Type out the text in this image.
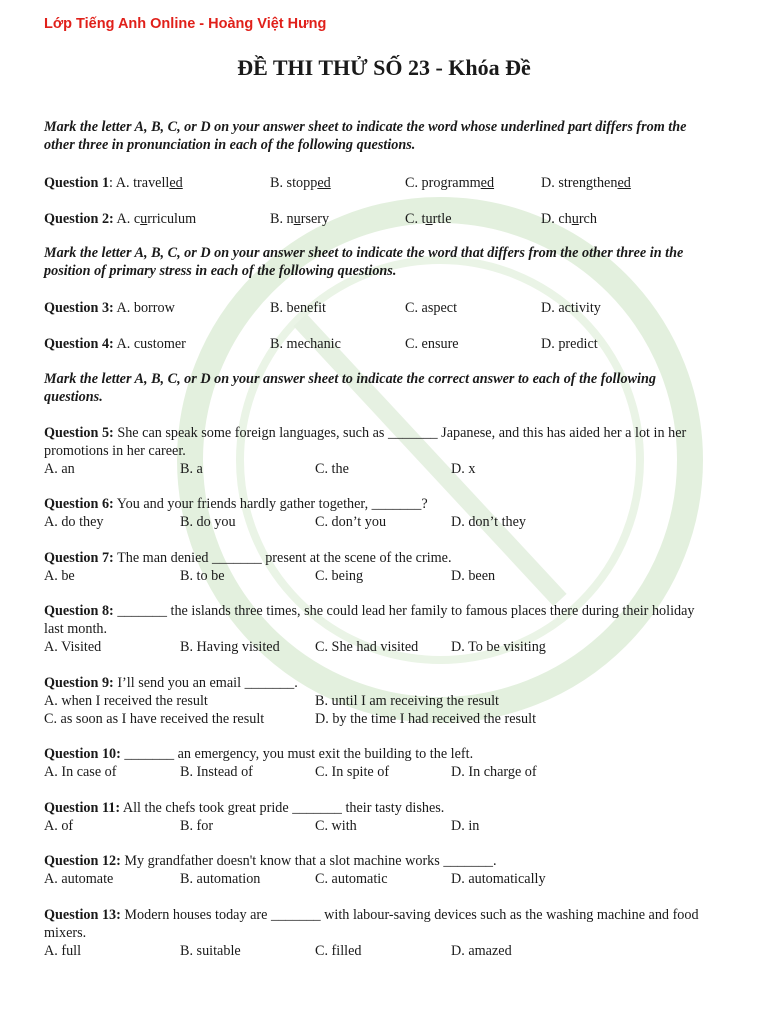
Lớp Tiếng Anh Online - Hoàng Việt Hưng
ĐỀ THI THỬ SỐ 23 - Khóa Đề

Mark the letter A, B, C, or D on your answer sheet to indicate the word whose underlined part differs from the other three in pronunciation in each of the following questions.

Question 1: A. travelled	B. stopped	C. programmed	D. strengthened
Question 2: A. curriculum	B. nursery	C. turtle	D. church

Mark the letter A, B, C, or D on your answer sheet to indicate the word that differs from the other three in the position of primary stress in each of the following questions.

Question 3: A. borrow	B. benefit	C. aspect	D. activity
Question 4: A. customer	B. mechanic	C. ensure	D. predict

Mark the letter A, B, C, or D on your answer sheet to indicate the correct answer to each of the following questions.

Question 5: She can speak some foreign languages, such as _______ Japanese, and this has aided her a lot in her promotions in her career.

A. an	B. a	C. the	D. x

Question 6: You and your friends hardly gather together, _______?

A. do they	B. do you	C. don’t you	D. don’t they

Question 7: The man denied _______ present at the scene of the crime.

A. be	B. to be	C. being	D. been

Question 8: _______ the islands three times, she could lead her family to famous places there during their holiday last month.

A. Visited	B. Having visited C. She had visited D. To be visiting

Question 9: I’ll send you an email _______.

A. when I received the result	B. until I am receiving the result
C. as soon as I have received the result	D. by the time I had received the result

Question 10: _______ an emergency, you must exit the building to the left.

A. In case of	B. Instead of	C. In spite of	D. In charge of

Question 11: All the chefs took great pride _______ their tasty dishes.

A. of	B. for	C. with	D. in

Question 12: My grandfather doesn't know that a slot machine works _______.

A. automate	B. automation	C. automatic	D. automatically

Question 13: Modern houses today are _______ with labour-saving devices such as the washing machine and food mixers.

A. full	B. suitable	C. filled	D. amazed
